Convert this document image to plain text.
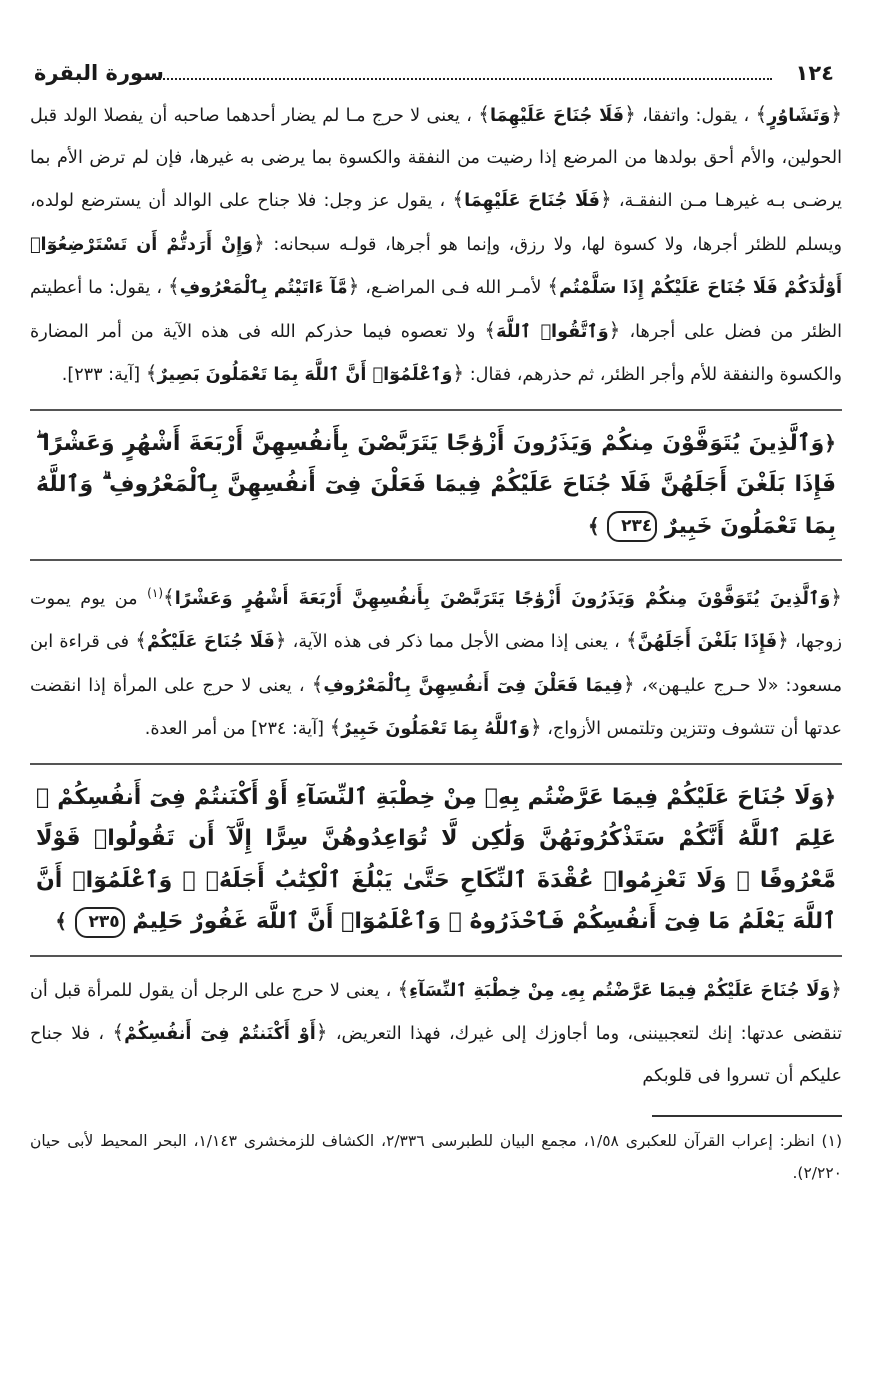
١٢٤
سورة البقرة

﴿وَتَشَاوُرٍ﴾ ، يقول: واتفقا، ﴿فَلَا جُنَاحَ عَلَيْهِمَا﴾ ، يعنى لا حرج مـا لم يضار أحدهما صاحبه أن يفصلا الولد قبل الحولين، والأم أحق بولدها من المرضع إذا رضيت من النفقة والكسوة بما يرضى به غيرها، فإن لم ترض الأم بما يرضـى بـه غيرهـا مـن النفقـة، ﴿فَلَا جُنَاحَ عَلَيْهِمَا﴾ ، يقول عز وجل: فلا جناح على الوالد أن يسترضع لولده، ويسلم للظئر أجرها، ولا كسوة لها، ولا رزق، وإنما هو أجرها، قولـه سبحانه: ﴿وَإِنْ أَرَدتُّمْ أَن تَسْتَرْضِعُوٓا۟ أَوْلَٰدَكُمْ فَلَا جُنَاحَ عَلَيْكُمْ إِذَا سَلَّمْتُم﴾ لأمـر الله فـى المراضـع، ﴿مَّآ ءَاتَيْتُم بِٱلْمَعْرُوفِ﴾ ، يقول: ما أعطيتم الظئر من فضل على أجرها، ﴿وَٱتَّقُوا۟ ٱللَّهَ﴾ ولا تعصوه فيما حذركم الله فى هذه الآية من أمر المضارة والكسوة والنفقة للأم وأجر الظئر، ثم حذرهم، فقال: ﴿وَٱعْلَمُوٓا۟ أَنَّ ٱللَّهَ بِمَا تَعْمَلُونَ بَصِيرٌ﴾ [آية: ٢٣٣].

﴿وَٱلَّذِينَ يُتَوَفَّوْنَ مِنكُمْ وَيَذَرُونَ أَزْوَٰجًا يَتَرَبَّصْنَ بِأَنفُسِهِنَّ أَرْبَعَةَ أَشْهُرٍ وَعَشْرًا ۖ فَإِذَا بَلَغْنَ أَجَلَهُنَّ فَلَا جُنَاحَ عَلَيْكُمْ فِيمَا فَعَلْنَ فِىٓ أَنفُسِهِنَّ بِٱلْمَعْرُوفِ ۗ وَٱللَّهُ بِمَا تَعْمَلُونَ خَبِيرٌ ٢٣٤ ﴾

﴿وَٱلَّذِينَ يُتَوَفَّوْنَ مِنكُمْ وَيَذَرُونَ أَزْوَٰجًا يَتَرَبَّصْنَ بِأَنفُسِهِنَّ أَرْبَعَةَ أَشْهُرٍ وَعَشْرًا﴾$^{(١)}$ من يوم يموت زوجها، ﴿فَإِذَا بَلَغْنَ أَجَلَهُنَّ﴾ ، يعنى إذا مضى الأجل مما ذكر فى هذه الآية، ﴿فَلَا جُنَاحَ عَلَيْكُمْ﴾ فى قراءة ابن مسعود: «لا حـرج عليـهن»، ﴿فِيمَا فَعَلْنَ فِىٓ أَنفُسِهِنَّ بِٱلْمَعْرُوفِ﴾ ، يعنى لا حرج على المرأة إذا انقضت عدتها أن تتشوف وتتزين وتلتمس الأزواج، ﴿وَٱللَّهُ بِمَا تَعْمَلُونَ خَبِيرٌ﴾ [آية: ٢٣٤] من أمر العدة.

﴿وَلَا جُنَاحَ عَلَيْكُمْ فِيمَا عَرَّضْتُم بِهِۦ مِنْ خِطْبَةِ ٱلنِّسَآءِ أَوْ أَكْنَنتُمْ فِىٓ أَنفُسِكُمْ ۚ عَلِمَ ٱللَّهُ أَنَّكُمْ سَتَذْكُرُونَهُنَّ وَلَٰكِن لَّا تُوَاعِدُوهُنَّ سِرًّا إِلَّآ أَن تَقُولُوا۟ قَوْلًا مَّعْرُوفًا ۚ وَلَا تَعْزِمُوا۟ عُقْدَةَ ٱلنِّكَاحِ حَتَّىٰ يَبْلُغَ ٱلْكِتَٰبُ أَجَلَهُۥ ۚ وَٱعْلَمُوٓا۟ أَنَّ ٱللَّهَ يَعْلَمُ مَا فِىٓ أَنفُسِكُمْ فَٱحْذَرُوهُ ۚ وَٱعْلَمُوٓا۟ أَنَّ ٱللَّهَ غَفُورٌ حَلِيمٌ ٢٣٥ ﴾

﴿وَلَا جُنَاحَ عَلَيْكُمْ فِيمَا عَرَّضْتُم بِهِۦ مِنْ خِطْبَةِ ٱلنِّسَآءِ﴾ ، يعنى لا حرج على الرجل أن يقول للمرأة قبل أن تنقضى عدتها: إنك لتعجبيننى، وما أجاوزك إلى غيرك، فهذا التعريض، ﴿أَوْ أَكْنَنتُمْ فِىٓ أَنفُسِكُمْ﴾ ، فلا جناح عليكم أن تسروا فى قلوبكم

(١) انظر: إعراب القرآن للعكبرى ١/٥٨، مجمع البيان للطبرسى ٢/٣٣٦، الكشاف للزمخشرى ١/١٤٣، البحر المحيط لأبى حيان ٢/٢٢٠).
